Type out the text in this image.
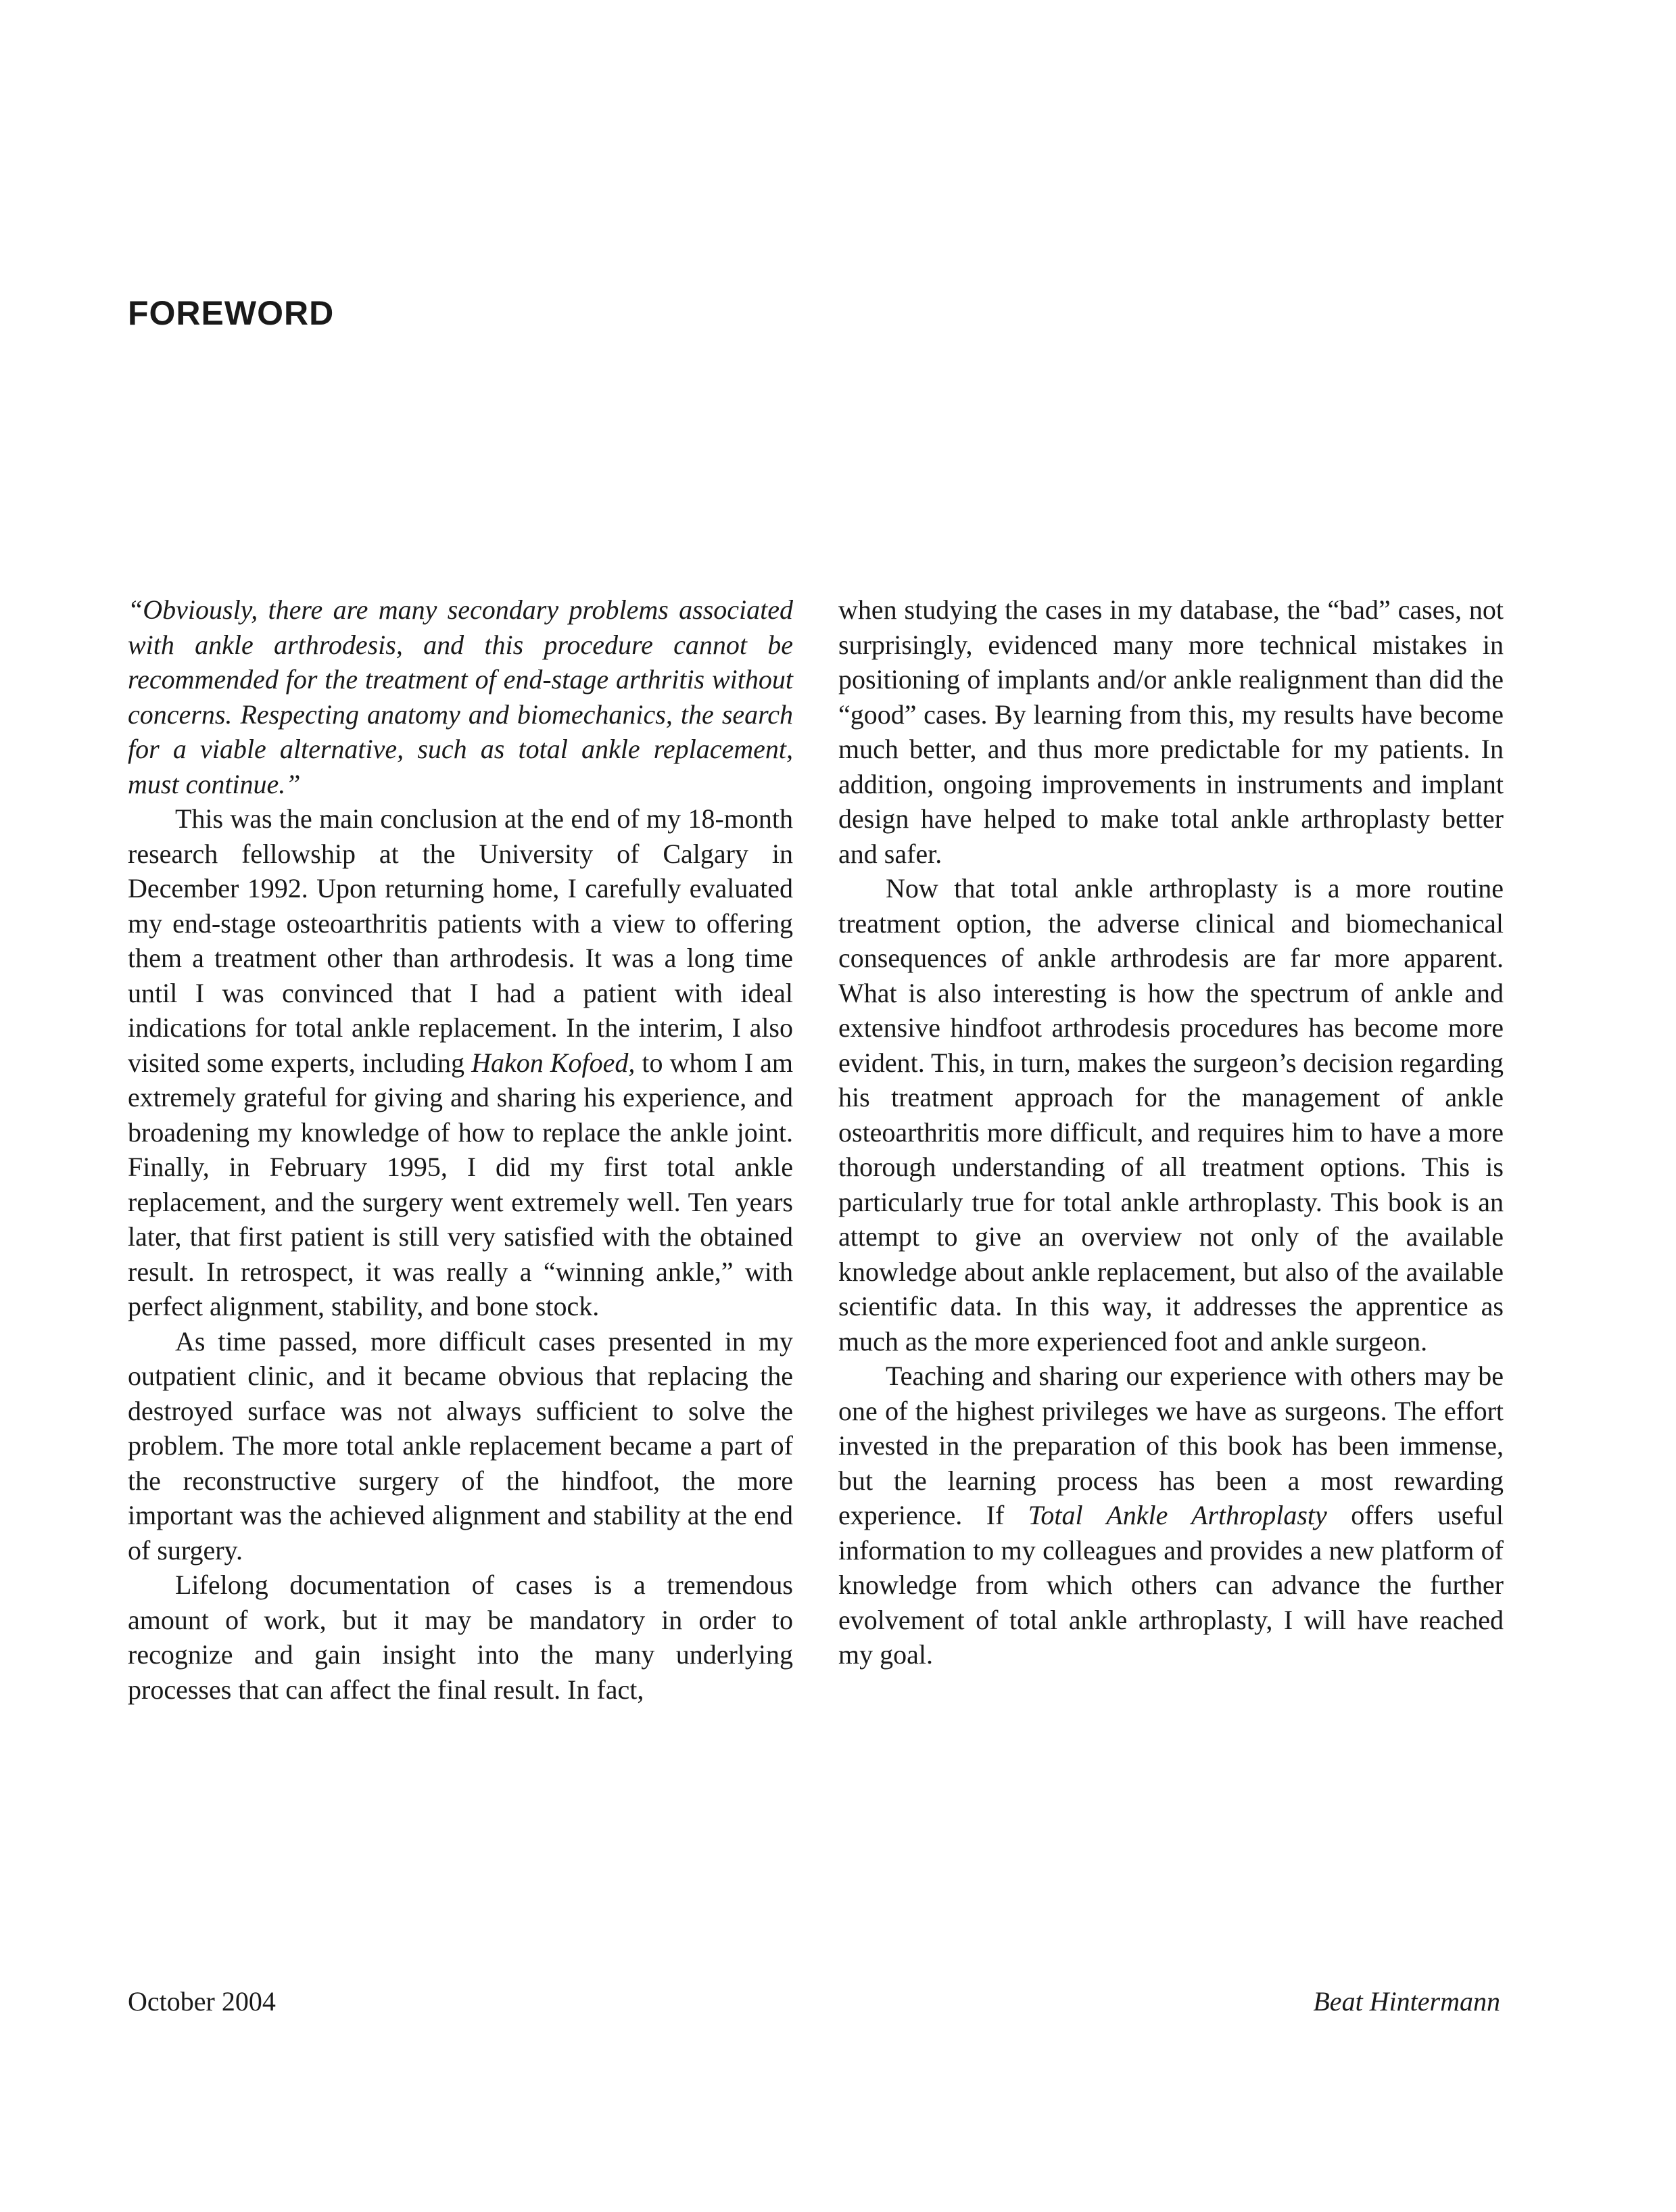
FOREWORD

“Obviously, there are many secondary problems associated with ankle arthrodesis, and this procedure cannot be recommended for the treatment of end-stage arthritis without concerns. Respecting anatomy and biomechanics, the search for a viable alternative, such as total ankle replacement, must continue.”

This was the main conclusion at the end of my 18-month research fellowship at the University of Calgary in December 1992. Upon returning home, I carefully evaluated my end-stage osteoarthritis patients with a view to offering them a treatment other than arthrodesis. It was a long time until I was convinced that I had a patient with ideal indications for total ankle replacement. In the interim, I also visited some experts, including Hakon Kofoed, to whom I am extremely grateful for giving and sharing his experience, and broadening my knowledge of how to replace the ankle joint. Finally, in February 1995, I did my first total ankle replacement, and the surgery went extremely well. Ten years later, that first patient is still very satisfied with the obtained result. In retrospect, it was really a “winning ankle,” with perfect alignment, stability, and bone stock.

As time passed, more difficult cases presented in my outpatient clinic, and it became obvious that replacing the destroyed surface was not always sufficient to solve the problem. The more total ankle replacement became a part of the reconstructive surgery of the hindfoot, the more important was the achieved alignment and stability at the end of surgery.

Lifelong documentation of cases is a tremendous amount of work, but it may be mandatory in order to recognize and gain insight into the many underlying processes that can affect the final result. In fact,

when studying the cases in my database, the “bad” cases, not surprisingly, evidenced many more technical mistakes in positioning of implants and/or ankle realignment than did the “good” cases. By learning from this, my results have become much better, and thus more predictable for my patients. In addition, ongoing improvements in instruments and implant design have helped to make total ankle arthroplasty better and safer.

Now that total ankle arthroplasty is a more routine treatment option, the adverse clinical and biomechanical consequences of ankle arthrodesis are far more apparent. What is also interesting is how the spectrum of ankle and extensive hindfoot arthrodesis procedures has become more evident. This, in turn, makes the surgeon’s decision regarding his treatment approach for the management of ankle osteoarthritis more difficult, and requires him to have a more thorough understanding of all treatment options. This is particularly true for total ankle arthroplasty. This book is an attempt to give an overview not only of the available knowledge about ankle replacement, but also of the available scientific data. In this way, it addresses the apprentice as much as the more experienced foot and ankle surgeon.

Teaching and sharing our experience with others may be one of the highest privileges we have as surgeons. The effort invested in the preparation of this book has been immense, but the learning process has been a most rewarding experience. If Total Ankle Arthroplasty offers useful information to my colleagues and provides a new platform of knowledge from which others can advance the further evolvement of total ankle arthroplasty, I will have reached my goal.

October 2004	Beat Hintermann
